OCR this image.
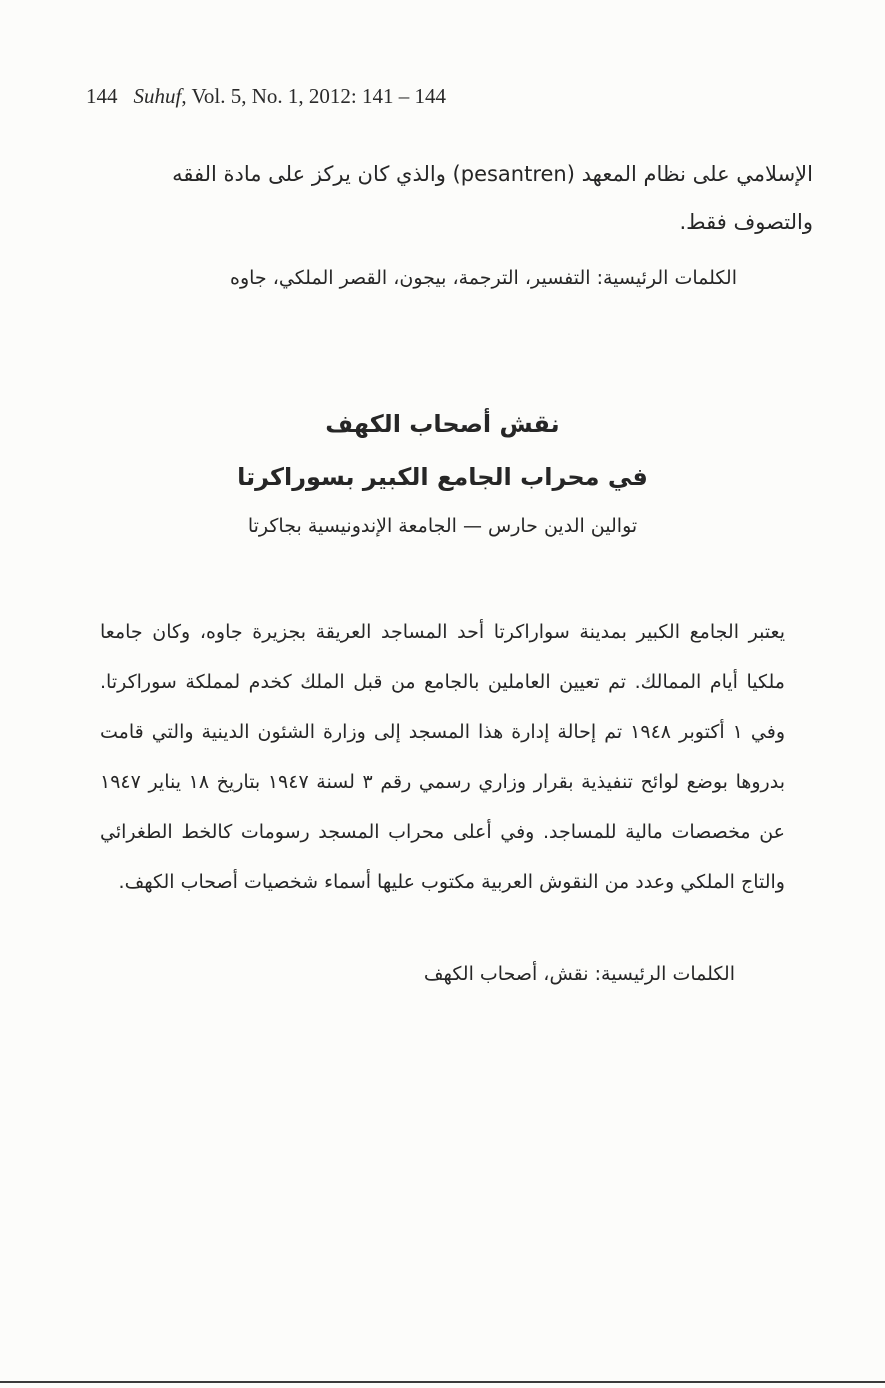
144 Suhuf, Vol. 5, No. 1, 2012: 141 – 144
الإسلامي على نظام المعهد (pesantren) والذي كان يركز على مادة الفقه والتصوف فقط.
الكلمات الرئيسية: التفسير، الترجمة، بيجون، القصر الملكي، جاوه
نقش أصحاب الكهف
في محراب الجامع الكبير بسوراكرتا
توالين الدين حارس — الجامعة الإندونيسية بجاكرتا

يعتبر الجامع الكبير بمدينة سواراكرتا أحد المساجد العريقة بجزيرة جاوه، وكان جامعا ملكيا أيام الممالك. تم تعيين العاملين بالجامع من قبل الملك كخدم لمملكة سوراكرتا. وفي ١ أكتوبر ١٩٤٨ تم إحالة إدارة هذا المسجد إلى وزارة الشئون الدينية والتي قامت بدروها بوضع لوائح تنفيذية بقرار وزاري رسمي رقم ٣ لسنة ١٩٤٧ بتاريخ ١٨ يناير ١٩٤٧ عن مخصصات مالية للمساجد. وفي أعلى محراب المسجد رسومات كالخط الطغرائي والتاج الملكي وعدد من النقوش العربية مكتوب عليها أسماء شخصيات أصحاب الكهف.

الكلمات الرئيسية: نقش، أصحاب الكهف
